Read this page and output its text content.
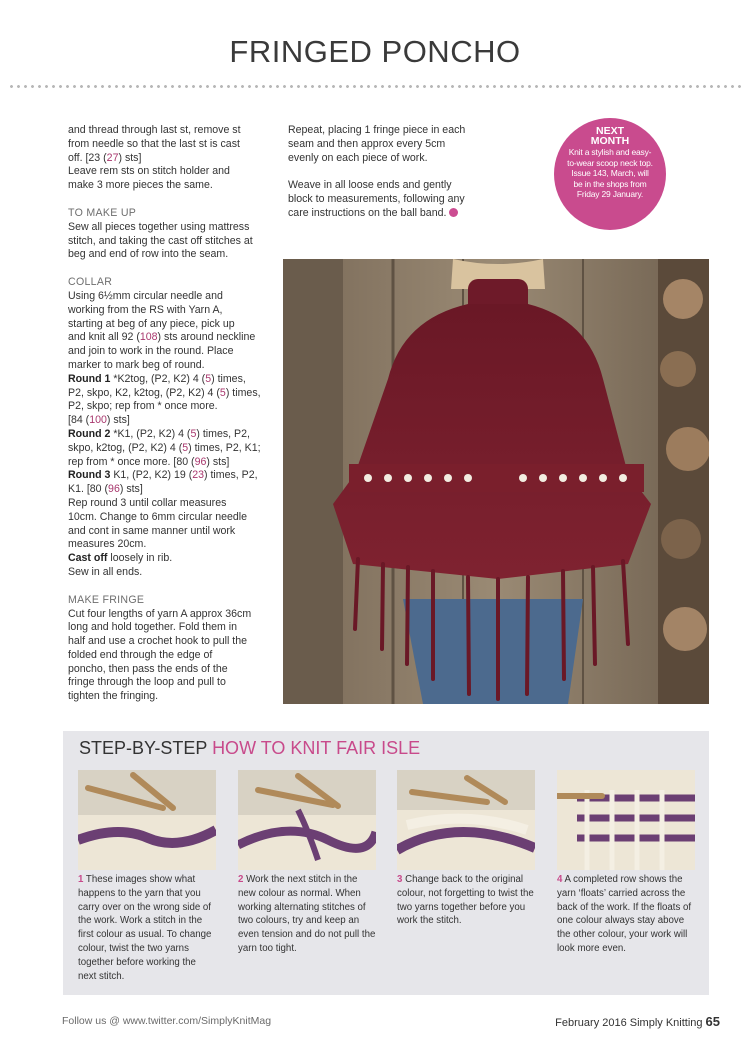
FRINGED PONCHO

and thread through last st, remove st

from needle so that the last st is cast

off. [23 (27) sts]

Leave rem sts on stitch holder and

make 3 more pieces the same.

TO MAKE UP

Sew all pieces together using mattress

stitch, and taking the cast off stitches at

beg and end of row into the seam.

COLLAR

Using 6½mm circular needle and

working from the RS with Yarn A,

starting at beg of any piece, pick up

and knit all 92 (108) sts around neckline

and join to work in the round. Place

marker to mark beg of round.

Round 1 *K2tog, (P2, K2) 4 (5) times,

P2, skpo, K2, k2tog, (P2, K2) 4 (5) times,

P2, skpo; rep from * once more.

[84 (100) sts]

Round 2 *K1, (P2, K2) 4 (5) times, P2,

skpo, k2tog, (P2, K2) 4 (5) times, P2, K1;

rep from * once more. [80 (96) sts]

Round 3 K1, (P2, K2) 19 (23) times, P2,

K1. [80 (96) sts]

Rep round 3 until collar measures

10cm. Change to 6mm circular needle

and cont in same manner until work

measures 20cm.

Cast off loosely in rib.

Sew in all ends.

MAKE FRINGE

Cut four lengths of yarn A approx 36cm

long and hold together. Fold them in

half and use a crochet hook to pull the

folded end through the edge of

poncho, then pass the ends of the

fringe through the loop and pull to

tighten the fringing.

Repeat, placing 1 fringe piece in each

seam and then approx every 5cm

evenly on each piece of work.

Weave in all loose ends and gently

block to measurements, following any

care instructions on the ball band.

NEXT
MONTH
Knit a stylish and easy-to-wear scoop neck top. Issue 143, March, will be in the shops from Friday 29 January.
STEP-BY-STEP HOW TO KNIT FAIR ISLE
1 These images show what happens to the yarn that you carry over on the wrong side of the work. Work a stitch in the first colour as usual. To change colour, twist the two yarns together before working the next stitch.
2 Work the next stitch in the new colour as normal. When working alternating stitches of two colours, try and keep an even tension and do not pull the yarn too tight.
3 Change back to the original colour, not forgetting to twist the two yarns together before you work the stitch.
4 A completed row shows the yarn ‘floats’ carried across the back of the work. If the floats of one colour always stay above the other colour, your work will look more even.
Follow us @ www.twitter.com/SimplyKnitMag	February 2016 Simply Knitting 65
